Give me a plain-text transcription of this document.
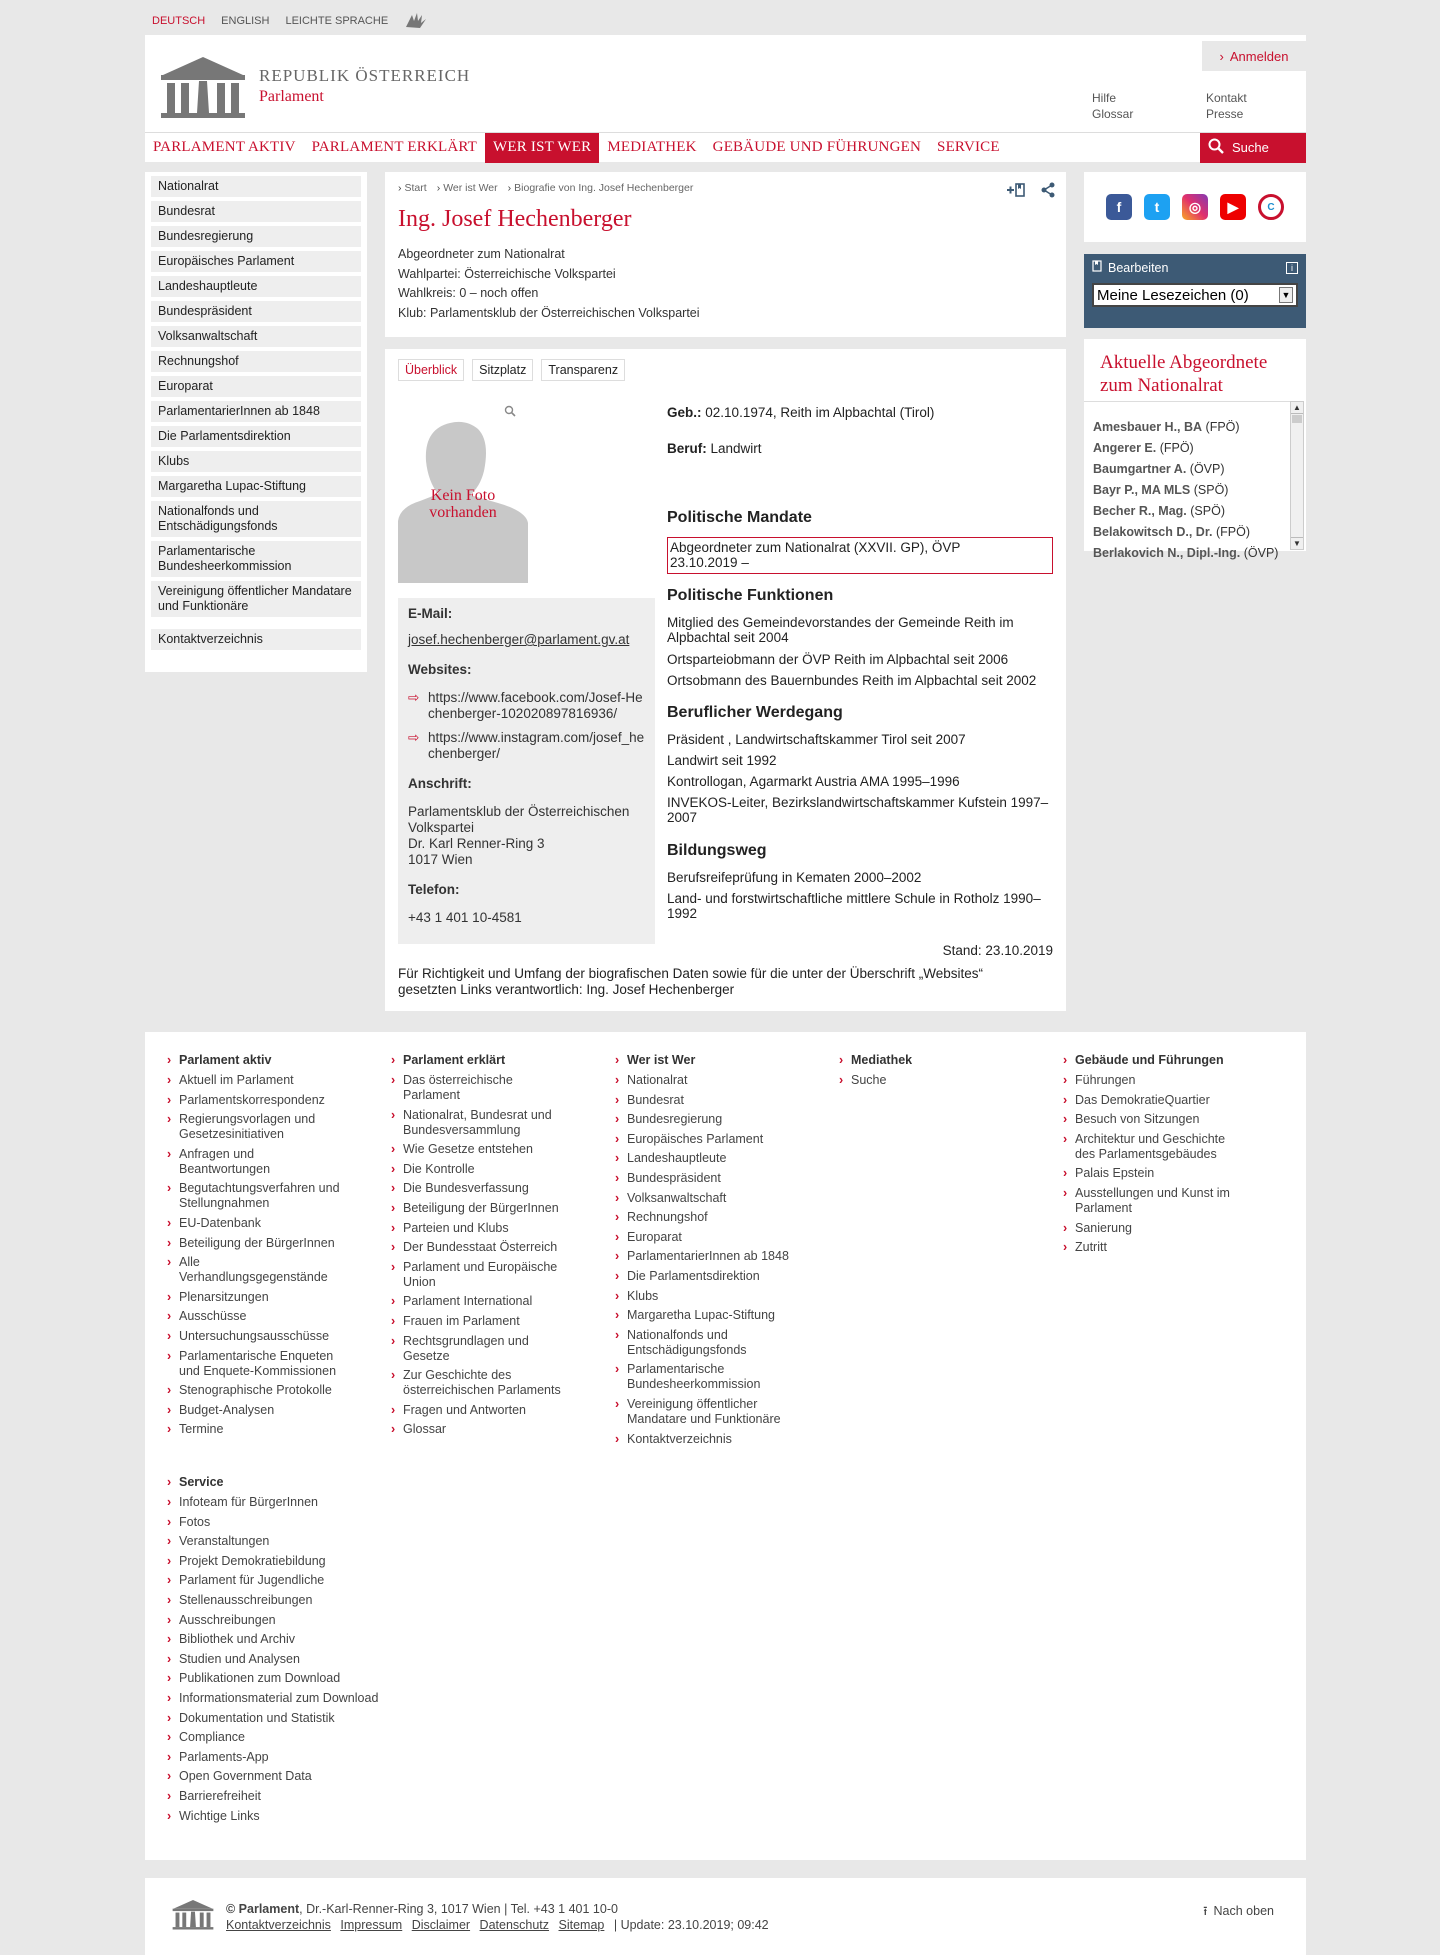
DEUTSCH ENGLISH LEICHTE SPRACHE
REPUBLIK ÖSTERREICH
Parlament
› Anmelden
Hilfe	Kontakt
Glossar	Presse
PARLAMENT AKTIV	PARLAMENT ERKLÄRT	WER IST WER	MEDIATHEK	GEBÄUDE UND FÜHRUNGEN	SERVICE	Suche
Nationalrat
Bundesrat
Bundesregierung
Europäisches Parlament
Landeshauptleute
Bundespräsident
Volksanwaltschaft
Rechnungshof
Europarat
ParlamentarierInnen ab 1848
Die Parlamentsdirektion
Klubs
Margaretha Lupac-Stiftung
Nationalfonds und Entschädigungsfonds
Parlamentarische Bundesheerkommission
Vereinigung öffentlicher Mandatare und Funktionäre
Kontaktverzeichnis
› Start	› Wer ist Wer	› Biografie von Ing. Josef Hechenberger
Ing. Josef Hechenberger
Abgeordneter zum Nationalrat
Wahlpartei: Österreichische Volkspartei
Wahlkreis: 0 – noch offen
Klub: Parlamentsklub der Österreichischen Volkspartei
Überblick	Sitzplatz	Transparenz
Kein Foto vorhanden
E-Mail:
josef.hechenberger@parlament.gv.at
Websites:
⇨ https://www.facebook.com/Josef-Hechenberger-102020897816936/
⇨ https://www.instagram.com/josef_hechenberger/
Anschrift:
Parlamentsklub der Österreichischen Volkspartei
Dr. Karl Renner-Ring 3
1017 Wien
Telefon:
+43 1 401 10-4581
Geb.: 02.10.1974, Reith im Alpbachtal (Tirol)
Beruf: Landwirt
Politische Mandate
Abgeordneter zum Nationalrat (XXVII. GP), ÖVP
23.10.2019 –
Politische Funktionen
Mitglied des Gemeindevorstandes der Gemeinde Reith im Alpbachtal seit 2004
Ortsparteiobmann der ÖVP Reith im Alpbachtal seit 2006
Ortsobmann des Bauernbundes Reith im Alpbachtal seit 2002
Beruflicher Werdegang
Präsident , Landwirtschaftskammer Tirol seit 2007
Landwirt seit 1992
Kontrollogan, Agarmarkt Austria AMA 1995–1996
INVEKOS-Leiter, Bezirkslandwirtschaftskammer Kufstein 1997–2007
Bildungsweg
Berufsreifeprüfung in Kematen 2000–2002
Land- und forstwirtschaftliche mittlere Schule in Rotholz 1990–1992
Stand: 23.10.2019
Für Richtigkeit und Umfang der biografischen Daten sowie für die unter der Überschrift „Websites“ gesetzten Links verantwortlich: Ing. Josef Hechenberger
f	t	◎	▶	C
Bearbeiten	i
Meine Lesezeichen (0)	▼
Aktuelle Abgeordnete zum Nationalrat
Amesbauer H., BA (FPÖ)
Angerer E. (FPÖ)
Baumgartner A. (ÖVP)
Bayr P., MA MLS (SPÖ)
Becher R., Mag. (SPÖ)
Belakowitsch D., Dr. (FPÖ)
Berlakovich N., Dipl.-Ing. (ÖVP)
▲
▼
› Parlament aktiv
› Aktuell im Parlament
› Parlamentskorrespondenz
› Regierungsvorlagen und Gesetzesinitiativen
› Anfragen und Beantwortungen
› Begutachtungsverfahren und Stellungnahmen
› EU-Datenbank
› Beteiligung der BürgerInnen
› Alle Verhandlungsgegenstände
› Plenarsitzungen
› Ausschüsse
› Untersuchungsausschüsse
› Parlamentarische Enqueten und Enquete-Kommissionen
› Stenographische Protokolle
› Budget-Analysen
› Termine
› Parlament erklärt
› Das österreichische Parlament
› Nationalrat, Bundesrat und Bundesversammlung
› Wie Gesetze entstehen
› Die Kontrolle
› Die Bundesverfassung
› Beteiligung der BürgerInnen
› Parteien und Klubs
› Der Bundesstaat Österreich
› Parlament und Europäische Union
› Parlament International
› Frauen im Parlament
› Rechtsgrundlagen und Gesetze
› Zur Geschichte des österreichischen Parlaments
› Fragen und Antworten
› Glossar
› Wer ist Wer
› Nationalrat
› Bundesrat
› Bundesregierung
› Europäisches Parlament
› Landeshauptleute
› Bundespräsident
› Volksanwaltschaft
› Rechnungshof
› Europarat
› ParlamentarierInnen ab 1848
› Die Parlamentsdirektion
› Klubs
› Margaretha Lupac-Stiftung
› Nationalfonds und Entschädigungsfonds
› Parlamentarische Bundesheerkommission
› Vereinigung öffentlicher Mandatare und Funktionäre
› Kontaktverzeichnis
› Mediathek
› Suche
› Gebäude und Führungen
› Führungen
› Das DemokratieQuartier
› Besuch von Sitzungen
› Architektur und Geschichte des Parlamentsgebäudes
› Palais Epstein
› Ausstellungen und Kunst im Parlament
› Sanierung
› Zutritt
› Service
› Infoteam für BürgerInnen
› Fotos
› Veranstaltungen
› Projekt Demokratiebildung
› Parlament für Jugendliche
› Stellenausschreibungen
› Ausschreibungen
› Bibliothek und Archiv
› Studien und Analysen
› Publikationen zum Download
› Informationsmaterial zum Download
› Dokumentation und Statistik
› Compliance
› Parlaments-App
› Open Government Data
› Barrierefreiheit
› Wichtige Links
© Parlament, Dr.-Karl-Renner-Ring 3, 1017 Wien | Tel. +43 1 401 10-0
Kontaktverzeichnis Impressum Disclaimer Datenschutz Sitemap | Update: 23.10.2019; 09:42
⭱ Nach oben
